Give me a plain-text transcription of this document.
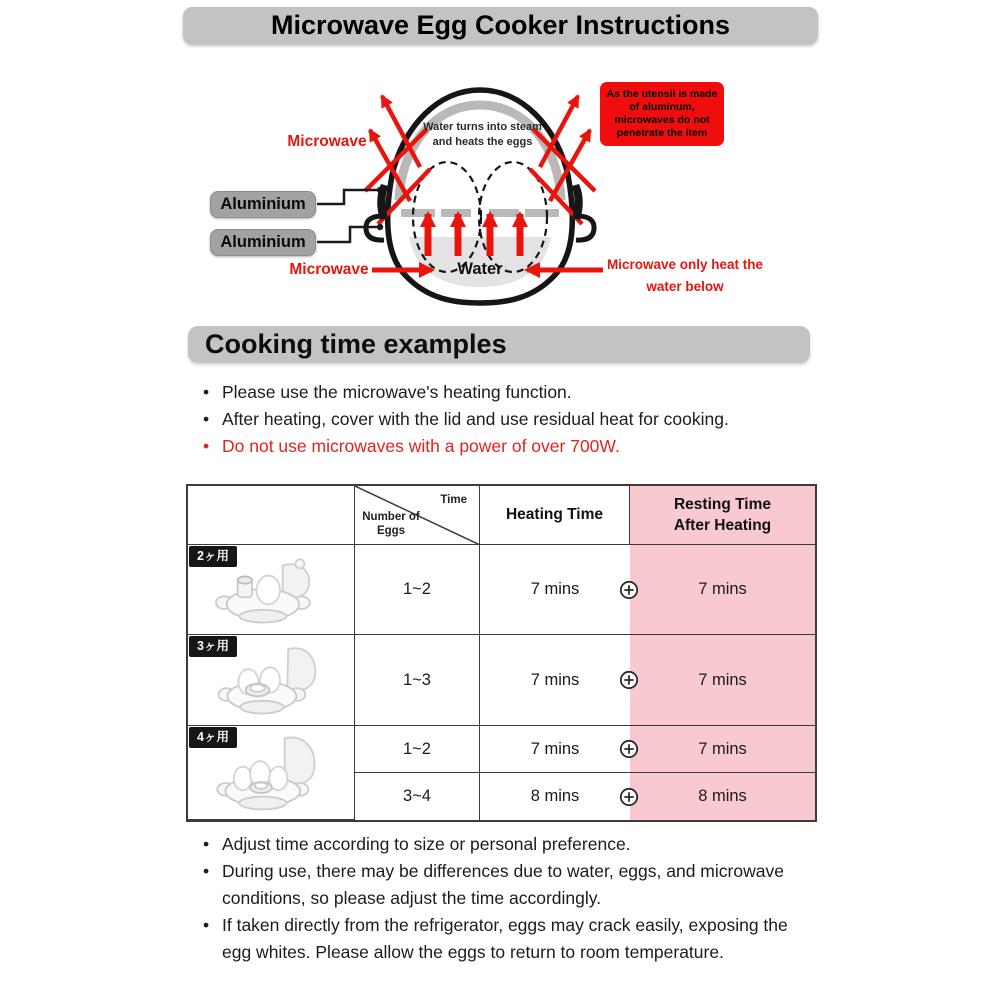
Microwave Egg Cooker Instructions
As the utensil is made of aluminum, microwaves do not penetrate the item
Water turns into steam and heats the eggs
Microwave
Aluminium
Aluminium
Microwave	Water	Microwave only heat the water below
Cooking time examples
• Please use the microwave's heating function.
• After heating, cover with the lid and use residual heat for cooking.
• Do not use microwaves with a power of over 700W.
Time
Number of Eggs
Heating Time
Resting Time After Heating
2ヶ用
1~2	7 mins	7 mins
3ヶ用
1~3	7 mins	7 mins
4ヶ用
1~2	7 mins	7 mins
3~4	8 mins	8 mins
• Adjust time according to size or personal preference.
• During use, there may be differences due to water, eggs, and microwave conditions, so please adjust the time accordingly.
• If taken directly from the refrigerator, eggs may crack easily, exposing the egg whites. Please allow the eggs to return to room temperature.
